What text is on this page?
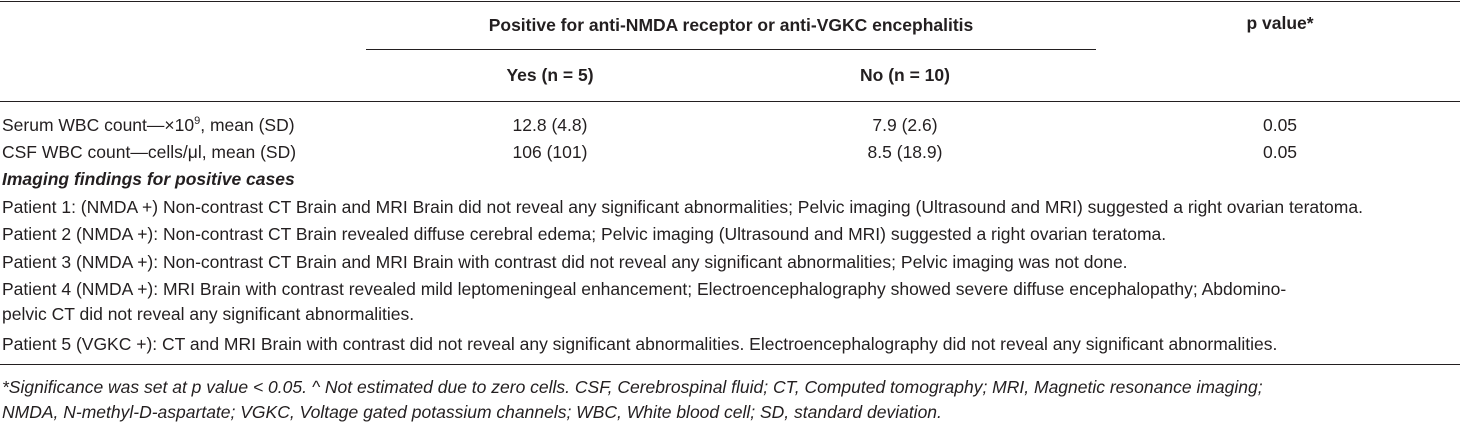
Positive for anti-NMDA receptor or anti-VGKC encephalitis	p value*
Yes (n = 5)	No (n = 10)
Serum WBC $count—\times 10^9$, mean (SD)	12.8 (4.8)	7.9 (2.6)	0.05
CSF WBC count—cells/μl, mean (SD)	106 (101)	8.5 (18.9)	0.05
Imaging findings for positive cases
Patient 1: (NMDA +) Non-contrast CT Brain and MRI Brain did not reveal any significant abnormalities; Pelvic imaging (Ultrasound and MRI) suggested a right ovarian teratoma.
Patient 2 (NMDA +): Non-contrast CT Brain revealed diffuse cerebral edema; Pelvic imaging (Ultrasound and MRI) suggested a right ovarian teratoma.
Patient 3 (NMDA +): Non-contrast CT Brain and MRI Brain with contrast did not reveal any significant abnormalities; Pelvic imaging was not done.
Patient 4 (NMDA +): MRI Brain with contrast revealed mild leptomeningeal enhancement; Electroencephalography showed severe diffuse encephalopathy; Abdomino-
pelvic CT did not reveal any significant abnormalities.
Patient 5 (VGKC +): CT and MRI Brain with contrast did not reveal any significant abnormalities. Electroencephalography did not reveal any significant abnormalities.
*Significance was set at p value < 0.05. ^ Not estimated due to zero cells. CSF, Cerebrospinal fluid; CT, Computed tomography; MRI, Magnetic resonance imaging;
NMDA, N-methyl-D-aspartate; VGKC, Voltage gated potassium channels; WBC, White blood cell; SD, standard deviation.
